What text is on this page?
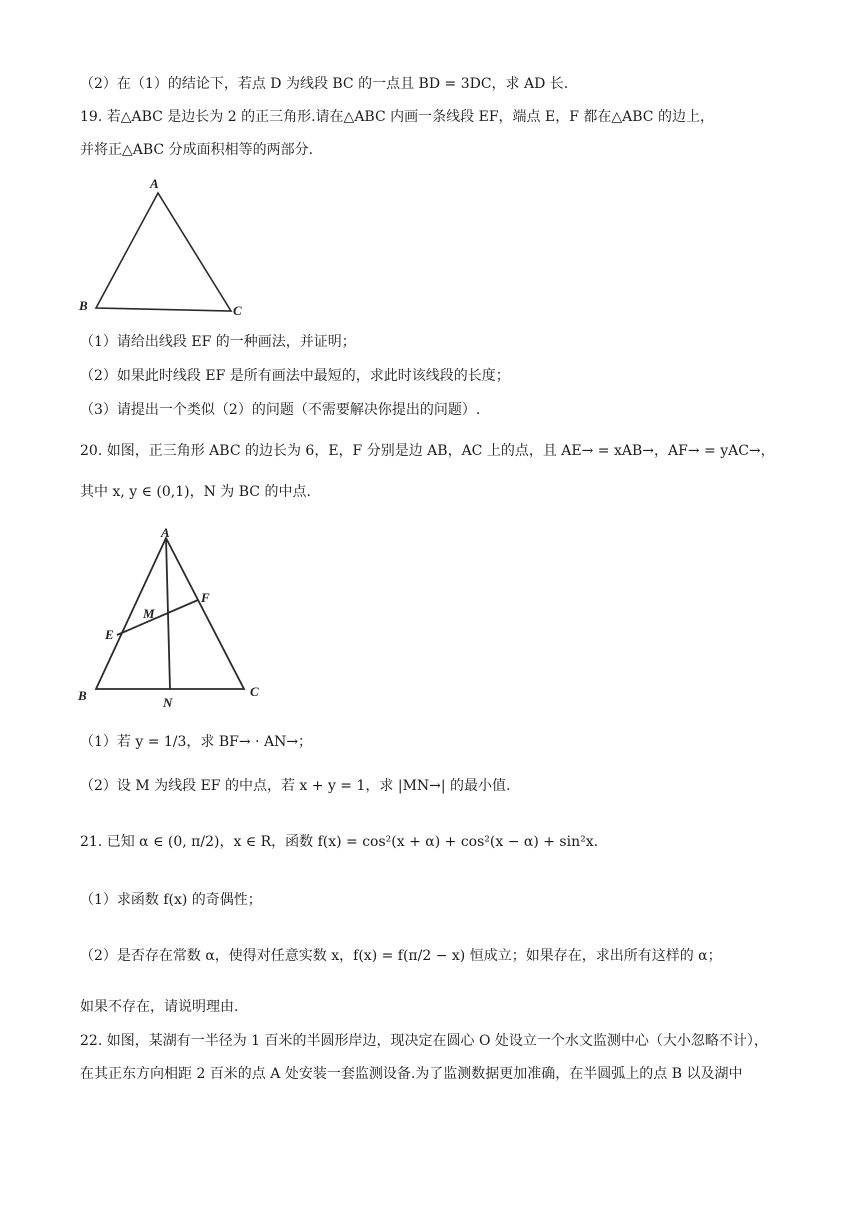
（2）在（1）的结论下，若点 D 为线段 BC 的一点且 BD = 3DC，求 AD 长.
19. 若△ABC 是边长为 2 的正三角形.请在△ABC 内画一条线段 EF，端点 E，F 都在△ABC 的边上，
并将正△ABC 分成面积相等的两部分.
A
B	C
（1）请给出线段 EF 的一种画法，并证明；
（2）如果此时线段 EF 是所有画法中最短的，求此时该线段的长度；
（3）请提出一个类似（2）的问题（不需要解决你提出的问题）.
20. 如图，正三角形 ABC 的边长为 6，E，F 分别是边 AB，AC 上的点，且 AE→ = xAB→，AF→ = yAC→，
其中 x, y ∈ (0,1)，N 为 BC 的中点.
A
F
M
E
B	N
C
（1）若 y = 1/3，求 BF→ · AN→；
（2）设 M 为线段 EF 的中点，若 x + y = 1，求 |MN→| 的最小值.
21. 已知 α ∈ (0, π/2)，x ∈ R，函数 f(x) = cos²(x + α) + cos²(x − α) + sin²x.
（1）求函数 f(x) 的奇偶性；
（2）是否存在常数 α，使得对任意实数 x，f(x) = f(π/2 − x) 恒成立；如果存在，求出所有这样的 α；
如果不存在，请说明理由.
22. 如图，某湖有一半径为 1 百米的半圆形岸边，现决定在圆心 O 处设立一个水文监测中心（大小忽略不计），
在其正东方向相距 2 百米的点 A 处安装一套监测设备.为了监测数据更加准确，在半圆弧上的点 B 以及湖中
